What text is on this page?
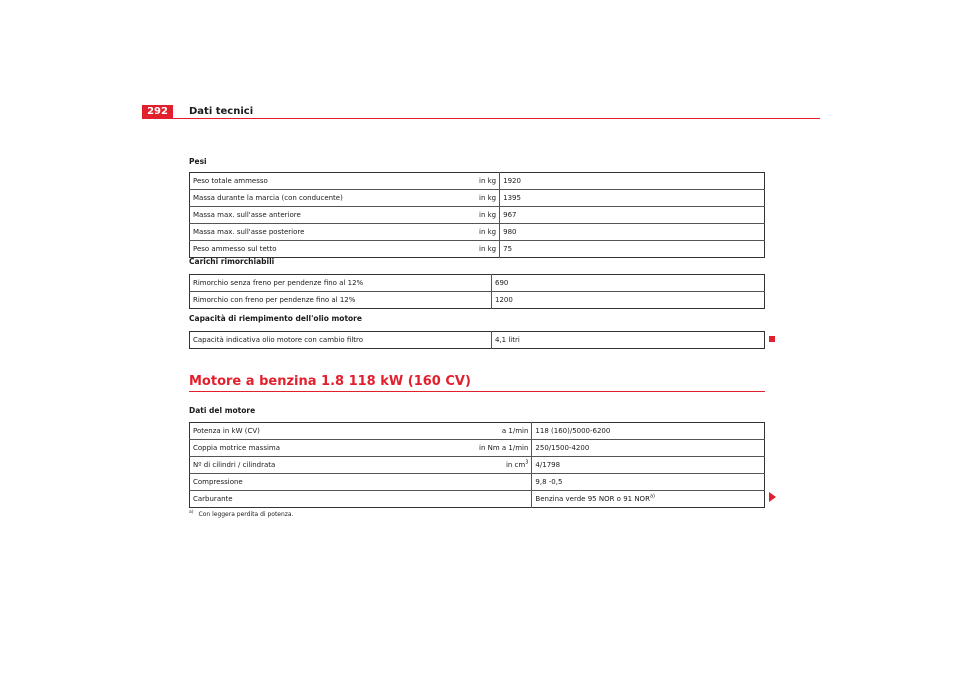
292	Dati tecnici
Pesi
Peso totale ammesso	in kg	1920
Massa durante la marcia (con conducente)	in kg	1395
Massa max. sull'asse anteriore	in kg	967
Massa max. sull'asse posteriore	in kg	980
Peso ammesso sul tetto	in kg	75
Carichi rimorchiabili
Rimorchio senza freno per pendenze fino al 12%	690
Rimorchio con freno per pendenze fino al 12%	1200
Capacità di riempimento dell'olio motore
Capacità indicativa olio motore con cambio filtro	4,1 litri
Motore a benzina 1.8 118 kW (160 CV)
Dati del motore
Potenza in kW (CV)	a 1/min	118 (160)/5000-6200
Coppia motrice massima	in Nm a 1/min	250/1500-4200
Nº di cilindri / cilindrata	in $cm^3$	4/1798
Compressione		9,8 -0,5
Carburante		Benzina verde 95 NOR o 91 NOR$^{a)}$
$^{a)}$ Con leggera perdita di potenza.
